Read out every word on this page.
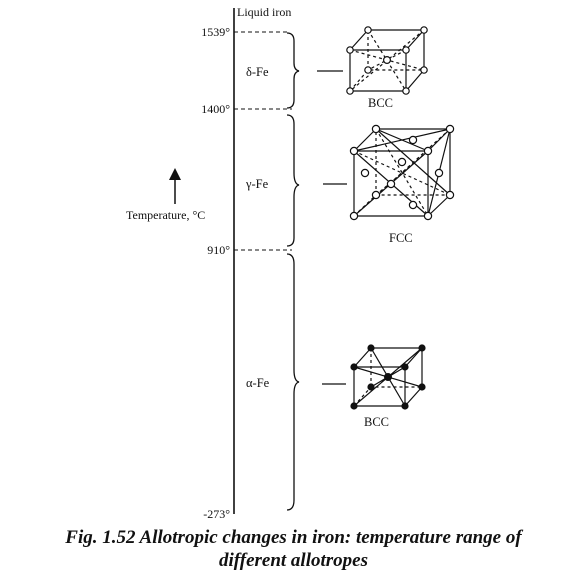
Liquid iron
1539°
1400°
910°
-273°
Temperature, °C
δ-Fe
γ-Fe
α-Fe
BCC
FCC
BCC
Fig. 1.52 Allotropic changes in iron: temperature range of
different allotropes
